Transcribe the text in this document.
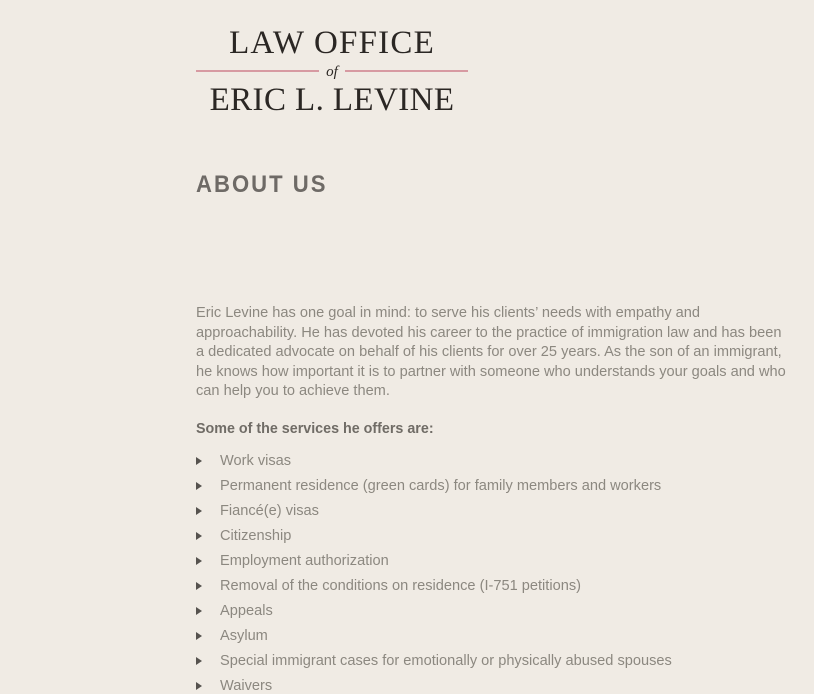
LAW OFFICE
of
ERIC L. LEVINE
ABOUT US

Eric Levine has one goal in mind: to serve his clients’ needs with empathy and approachability. He has devoted his career to the practice of immigration law and has been a dedicated advocate on behalf of his clients for over 25 years. As the son of an immigrant, he knows how important it is to partner with someone who understands your goals and who can help you to achieve them.

Some of the services he offers are:

Work visas
Permanent residence (green cards) for family members and workers
Fiancé(e) visas
Citizenship
Employment authorization
Removal of the conditions on residence (I-751 petitions)
Appeals
Asylum
Special immigrant cases for emotionally or physically abused spouses
Waivers
